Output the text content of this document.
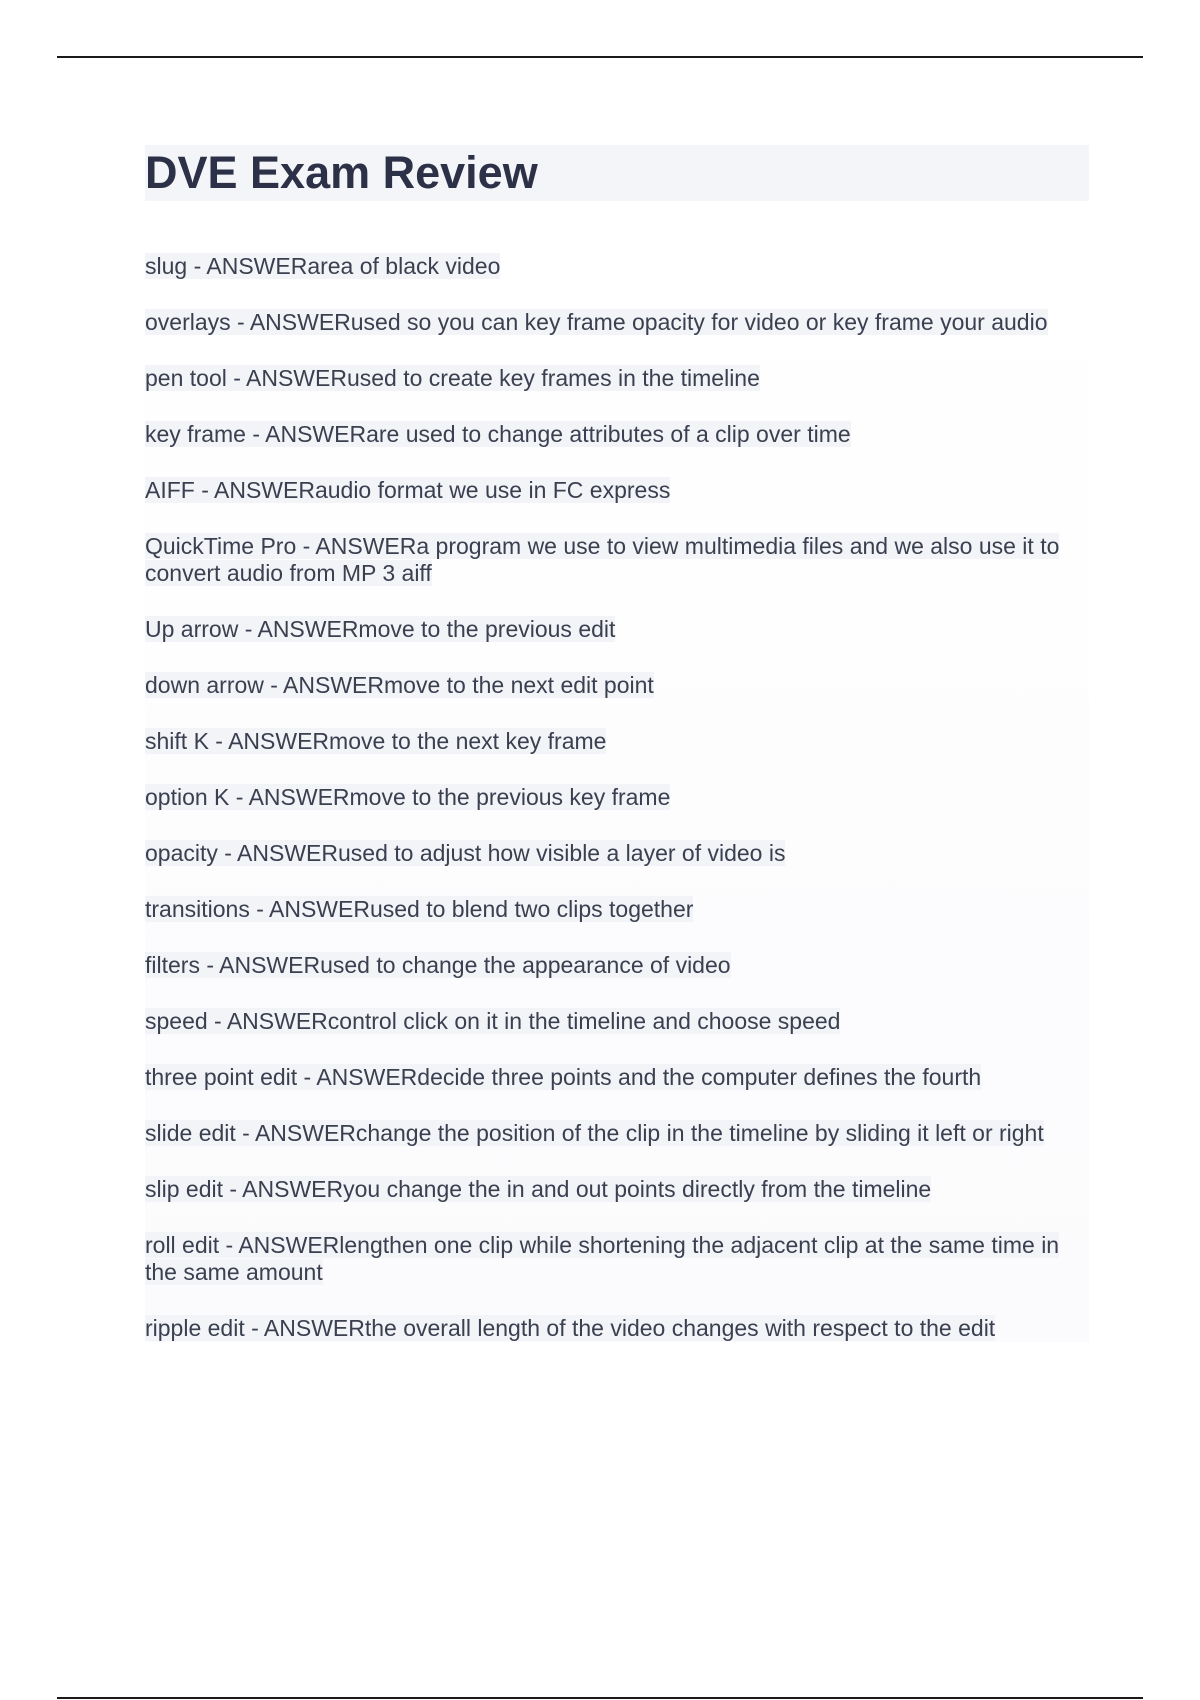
DVE Exam Review

slug - ANSWERarea of black video

overlays - ANSWERused so you can key frame opacity for video or key frame your audio

pen tool - ANSWERused to create key frames in the timeline

key frame - ANSWERare used to change attributes of a clip over time

AIFF - ANSWERaudio format we use in FC express

QuickTime Pro - ANSWERa program we use to view multimedia files and we also use it to convert audio from MP 3 aiff

Up arrow - ANSWERmove to the previous edit

down arrow - ANSWERmove to the next edit point

shift K - ANSWERmove to the next key frame

option K - ANSWERmove to the previous key frame

opacity - ANSWERused to adjust how visible a layer of video is

transitions - ANSWERused to blend two clips together

filters - ANSWERused to change the appearance of video

speed - ANSWERcontrol click on it in the timeline and choose speed

three point edit - ANSWERdecide three points and the computer defines the fourth

slide edit - ANSWERchange the position of the clip in the timeline by sliding it left or right

slip edit - ANSWERyou change the in and out points directly from the timeline

roll edit - ANSWERlengthen one clip while shortening the adjacent clip at the same time in the same amount

ripple edit - ANSWERthe overall length of the video changes with respect to the edit
